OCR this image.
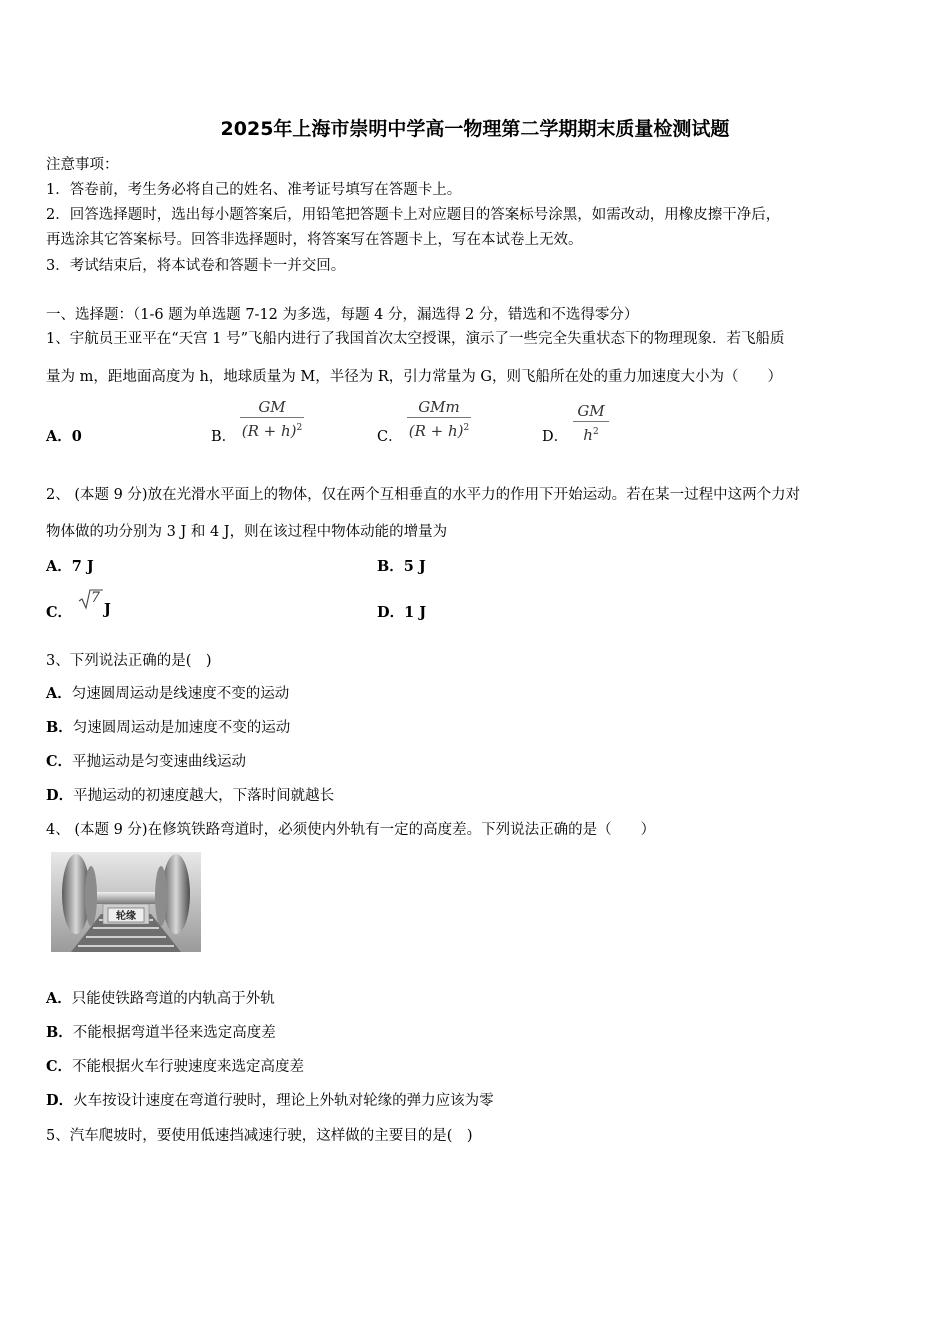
2025年上海市崇明中学高一物理第二学期期末质量检测试题
注意事项：
1．答卷前，考生务必将自己的姓名、准考证号填写在答题卡上。
2．回答选择题时，选出每小题答案后，用铅笔把答题卡上对应题目的答案标号涂黑，如需改动，用橡皮擦干净后，
再选涂其它答案标号。回答非选择题时，将答案写在答题卡上，写在本试卷上无效。
3．考试结束后，将本试卷和答题卡一并交回。
一、选择题：（1-6 题为单选题 7-12 为多选，每题 4 分，漏选得 2 分，错选和不选得零分）
1、宇航员王亚平在“天宫 1 号”飞船内进行了我国首次太空授课，演示了一些完全失重状态下的物理现象．若飞船质
量为 m，距地面高度为 h，地球质量为 M，半径为 R，引力常量为 G，则飞船所在处的重力加速度大小为（　　）
A．0	B．
GM
$(R + h)^2$
C．
GMm
$(R + h)^2$
D．
GM
$h^2$
2、 (本题 9 分)放在光滑水平面上的物体，仅在两个互相垂直的水平力的作用下开始运动。若在某一过程中这两个力对
物体做的功分别为 3 J 和 4 J，则在该过程中物体动能的增量为
A．7 J	B．5 J
C．
7
J	D．1 J
3、下列说法正确的是(　)
A．匀速圆周运动是线速度不变的运动
B．匀速圆周运动是加速度不变的运动
C．平抛运动是匀变速曲线运动
D．平抛运动的初速度越大，下落时间就越长
4、 (本题 9 分)在修筑铁路弯道时，必须使内外轨有一定的高度差。下列说法正确的是（　　）
轮缘
A．只能使铁路弯道的内轨高于外轨
B．不能根据弯道半径来选定高度差
C．不能根据火车行驶速度来选定高度差
D．火车按设计速度在弯道行驶时，理论上外轨对轮缘的弹力应该为零
5、汽车爬坡时，要使用低速挡减速行驶，这样做的主要目的是(　)
